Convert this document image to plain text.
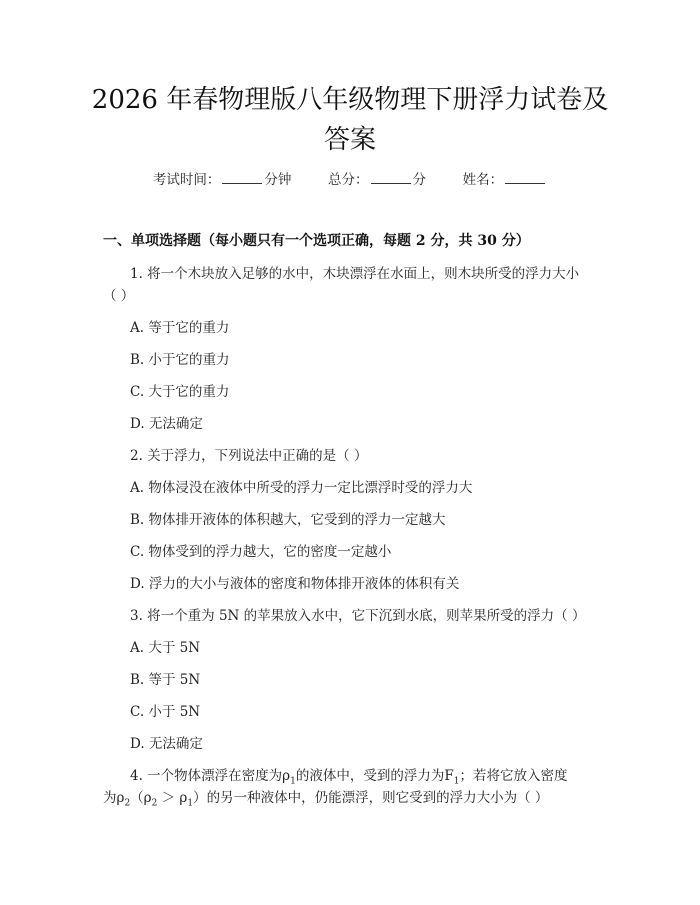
2026 年春物理版八年级物理下册浮力试卷及
答案
考试时间：	分钟	总分：	分	姓名：
一、单项选择题（每小题只有一个选项正确，每题 2 分，共 30 分）
1. 将一个木块放入足够的水中，木块漂浮在水面上，则木块所受的浮力大小
（ ）
A. 等于它的重力
B. 小于它的重力
C. 大于它的重力
D. 无法确定
2. 关于浮力，下列说法中正确的是（ ）
A. 物体浸没在液体中所受的浮力一定比漂浮时受的浮力大
B. 物体排开液体的体积越大，它受到的浮力一定越大
C. 物体受到的浮力越大，它的密度一定越小
D. 浮力的大小与液体的密度和物体排开液体的体积有关
3. 将一个重为 5N 的苹果放入水中，它下沉到水底，则苹果所受的浮力（ ）
A. 大于 5N
B. 等于 5N
C. 小于 5N
D. 无法确定
4. 一个物体漂浮在密度为$\rho_1$的液体中，受到的浮力为$F_1$；若将它放入密度
为$\rho_2(\rho_2 > \rho_1)$的另一种液体中，仍能漂浮，则它受到的浮力大小为（ ）
